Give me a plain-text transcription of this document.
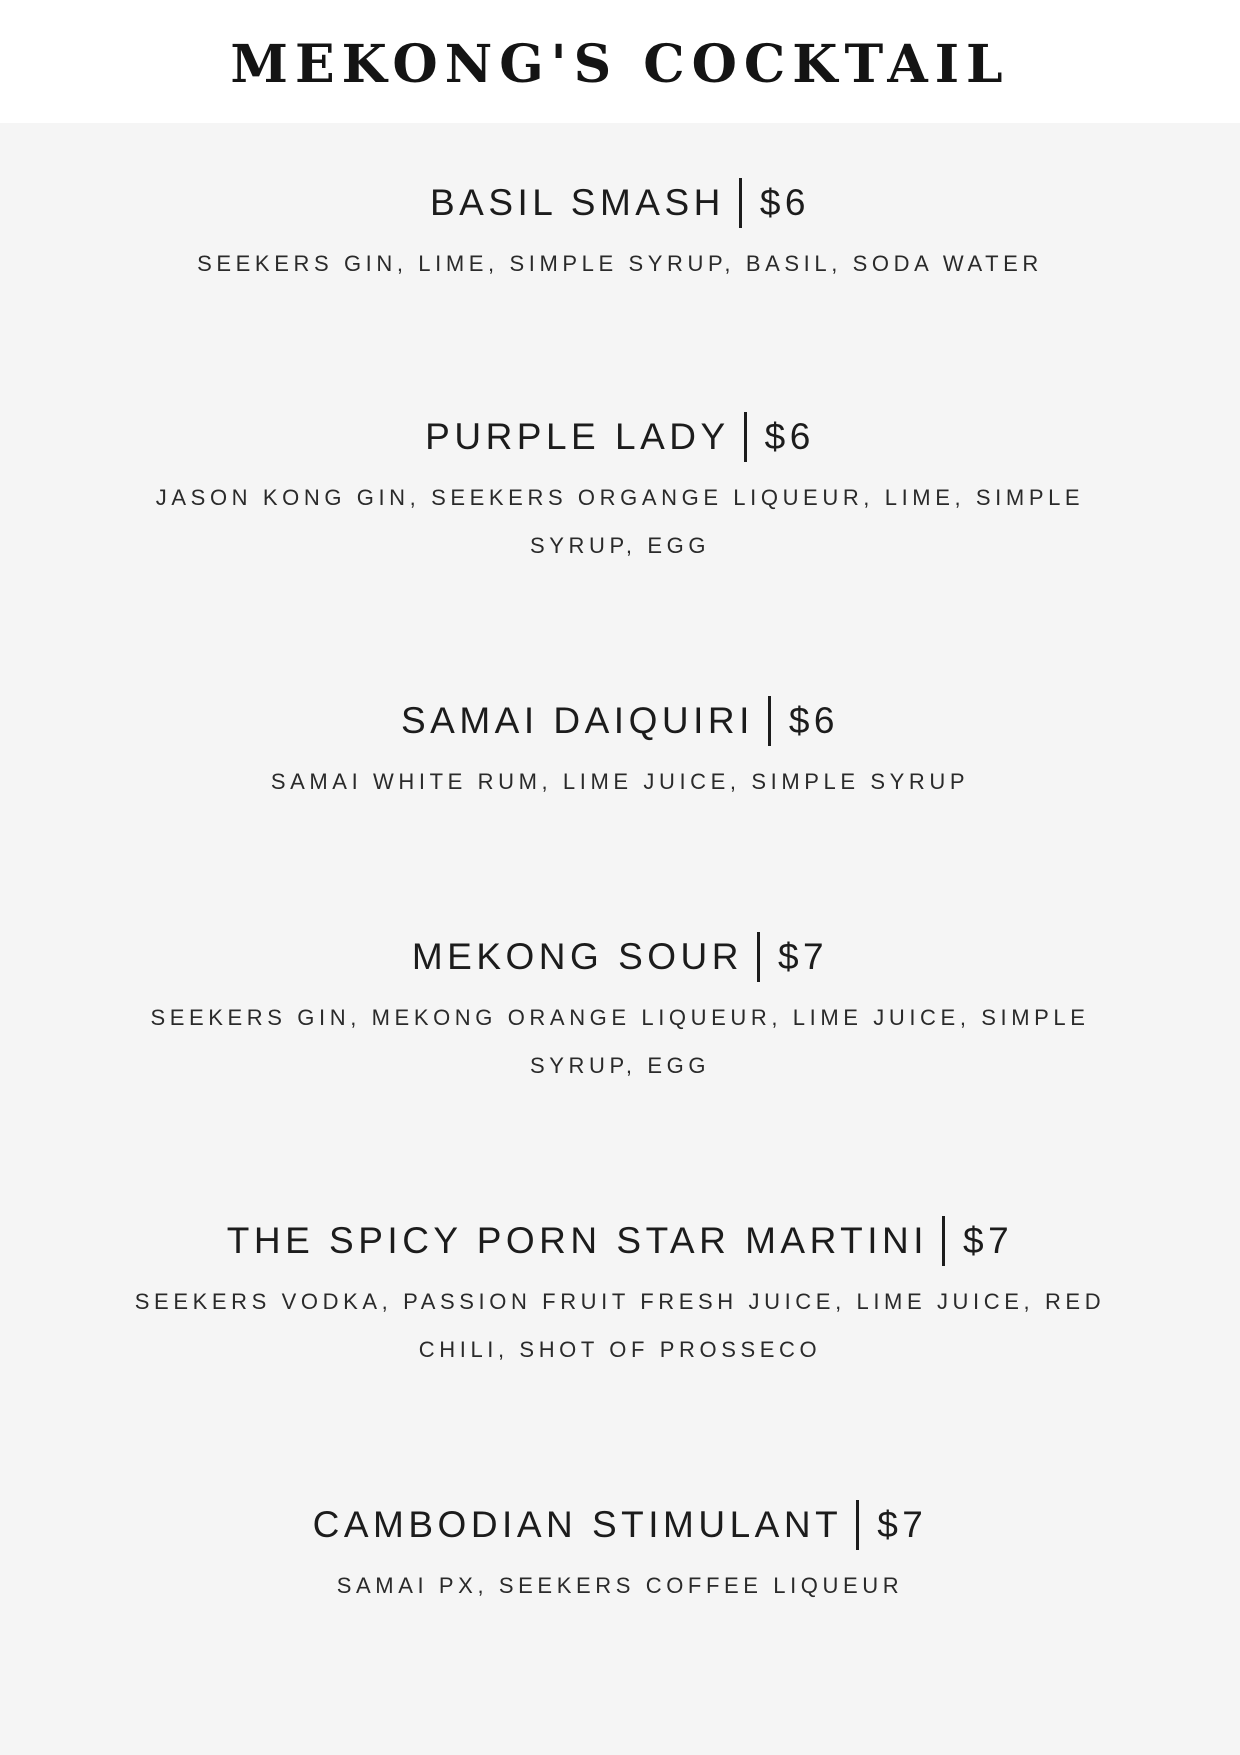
MEKONG'S COCKTAIL
BASIL SMASH $6
SEEKERS GIN, LIME, SIMPLE SYRUP, BASIL, SODA WATER
PURPLE LADY $6
JASON KONG GIN, SEEKERS ORGANGE LIQUEUR, LIME, SIMPLE SYRUP, EGG
SAMAI DAIQUIRI $6
SAMAI WHITE RUM, LIME JUICE, SIMPLE SYRUP
MEKONG SOUR $7
SEEKERS GIN, MEKONG ORANGE LIQUEUR, LIME JUICE, SIMPLE SYRUP, EGG
THE SPICY PORN STAR MARTINI $7
SEEKERS VODKA, PASSION FRUIT FRESH JUICE, LIME JUICE, RED CHILI, SHOT OF PROSSECO
CAMBODIAN STIMULANT $7
SAMAI PX, SEEKERS COFFEE LIQUEUR
